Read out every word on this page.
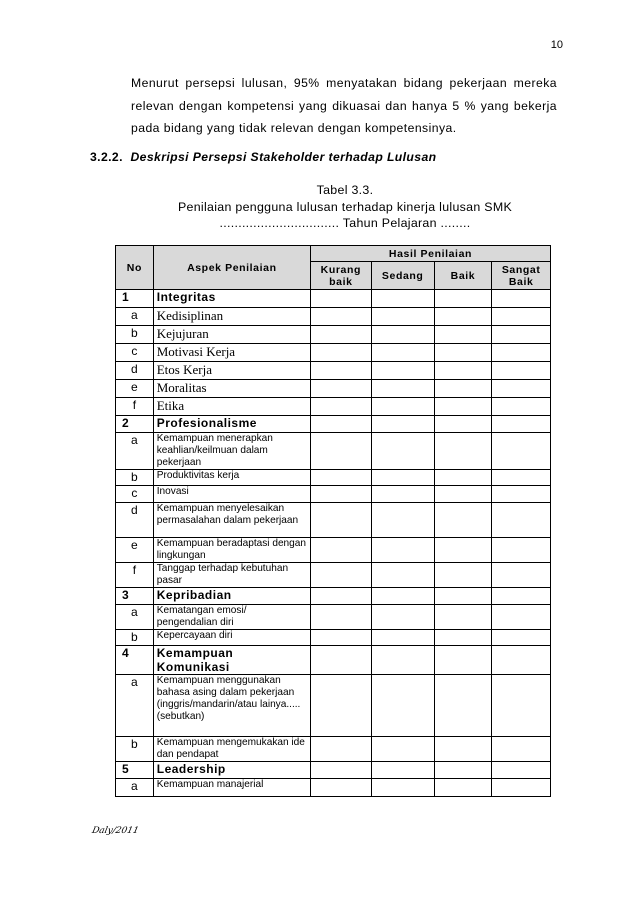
10
Menurut persepsi lulusan, 95% menyatakan bidang pekerjaan mereka relevan dengan kompetensi yang dikuasai dan hanya 5 % yang bekerja pada bidang yang tidak relevan dengan kompetensinya.
3.2.2. Deskripsi Persepsi Stakeholder terhadap Lulusan
Tabel 3.3.
Penilaian pengguna lulusan terhadap kinerja lulusan SMK
................................ Tahun Pelajaran ........
No	Aspek Penilaian	Hasil Penilaian			
		Kurang baik	Sedang	Baik	Sangat Baik
1	Integritas				
a	Kedisiplinan				
b	Kejujuran				
c	Motivasi Kerja				
d	Etos Kerja				
e	Moralitas				
f	Etika				
2	Profesionalisme				
a	Kemampuan menerapkan keahlian/keilmuan dalam pekerjaan				
b	Produktivitas kerja				
c	Inovasi				
d	Kemampuan menyelesaikan permasalahan dalam pekerjaan				
e	Kemampuan beradaptasi dengan lingkungan				
f	Tanggap terhadap kebutuhan pasar				
3	Kepribadian				
a	Kematangan emosi/ pengendalian diri				
b	Kepercayaan diri				
4	Kemampuan Komunikasi				
a	Kemampuan menggunakan bahasa asing dalam pekerjaan (inggris/mandarin/atau lainya.....(sebutkan)				
b	Kemampuan mengemukakan ide dan pendapat				
5	Leadership				
a	Kemampuan manajerial				
Daly/2011
